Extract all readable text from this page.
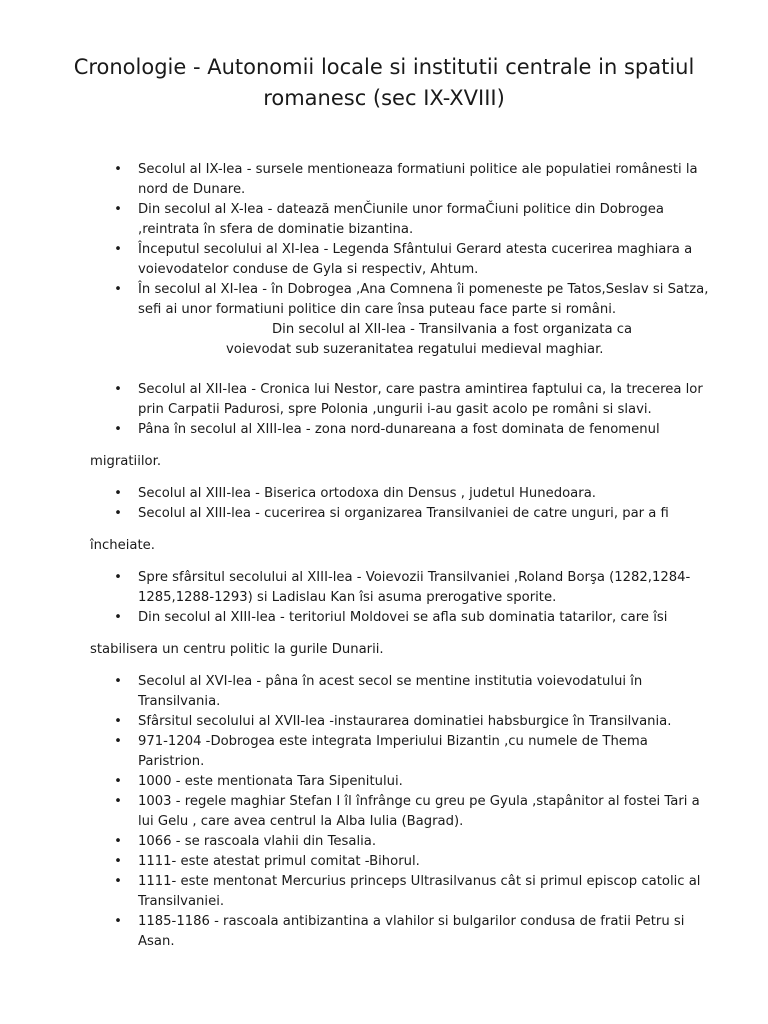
Cronologie - Autonomii locale si institutii centrale in spatiul
romanesc (sec IX-XVIII)
• Secolul al IX-lea - sursele mentioneaza formatiuni politice ale populatiei românesti la nord de Dunare.
• Din secolul al X-lea - datează menČiunile unor formaČiuni politice din Dobrogea ,reintrata în sfera de dominatie bizantina.
• Începutul secolului al XI-lea - Legenda Sfântului Gerard atesta cucerirea maghiara a voievodatelor conduse de Gyla si respectiv, Ahtum.
• În secolul al XI-lea - în Dobrogea ,Ana Comnena îi pomeneste pe Tatos,Seslav si Satza, sefi ai unor formatiuni politice din care însa puteau face parte si români.
Din secolul al XII-lea - Transilvania a fost organizata ca
voievodat sub suzeranitatea regatului medieval maghiar.
• Secolul al XII-lea - Cronica lui Nestor, care pastra amintirea faptului ca, la trecerea lor prin Carpatii Padurosi, spre Polonia ,ungurii i-au gasit acolo pe români si slavi.
• Pâna în secolul al XIII-lea - zona nord-dunareana a fost dominata de fenomenul
migratiilor.
• Secolul al XIII-lea - Biserica ortodoxa din Densus , judetul Hunedoara.
• Secolul al XIII-lea - cucerirea si organizarea Transilvaniei de catre unguri, par a fi
încheiate.
• Spre sfârsitul secolului al XIII-lea - Voievozii Transilvaniei ,Roland Borşa (1282,1284-1285,1288-1293) si Ladislau Kan îsi asuma prerogative sporite.
• Din secolul al XIII-lea - teritoriul Moldovei se afla sub dominatia tatarilor, care îsi
stabilisera un centru politic la gurile Dunarii.
• Secolul al XVI-lea - pâna în acest secol se mentine institutia voievodatului în Transilvania.
• Sfârsitul secolului al XVII-lea -instaurarea dominatiei habsburgice în Transilvania.
• 971-1204 -Dobrogea este integrata Imperiului Bizantin ,cu numele de Thema Paristrion.
• 1000 - este mentionata Tara Sipenitului.
• 1003 - regele maghiar Stefan I îl înfrânge cu greu pe Gyula ,stapânitor al fostei Tari a lui Gelu , care avea centrul la Alba Iulia (Bagrad).
• 1066 - se rascoala vlahii din Tesalia.
• 1111- este atestat primul comitat -Bihorul.
• 1111- este mentonat Mercurius princeps Ultrasilvanus cât si primul episcop catolic al Transilvaniei.
• 1185-1186 - rascoala antibizantina a vlahilor si bulgarilor condusa de fratii Petru si Asan.
